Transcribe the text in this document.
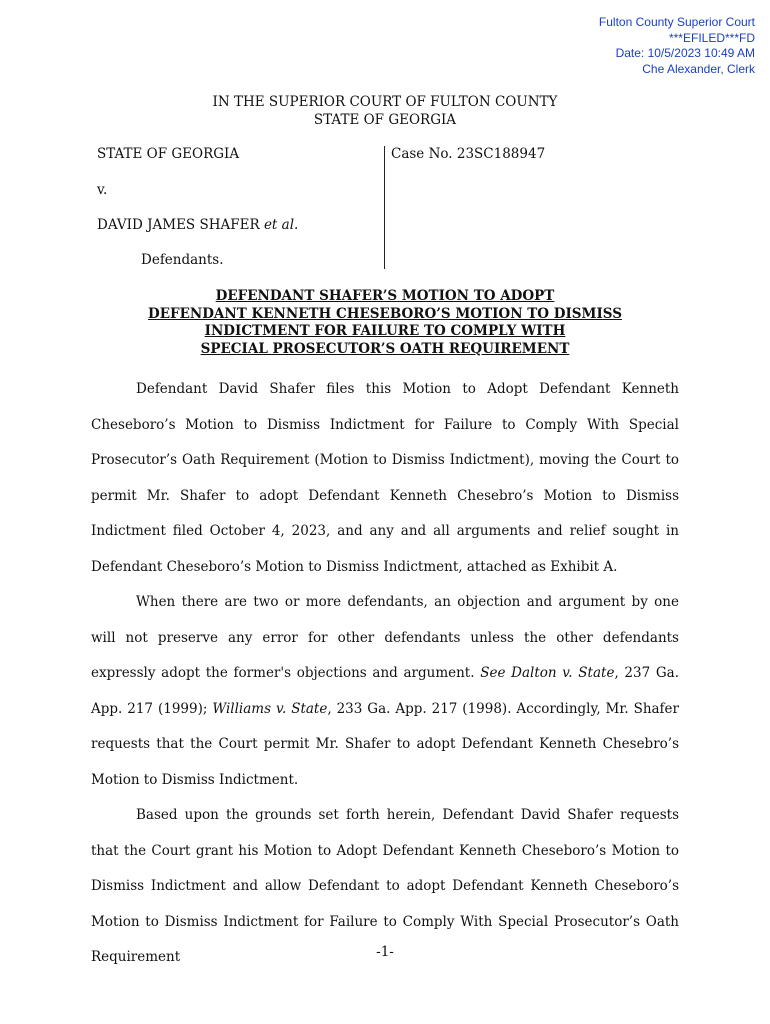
Fulton County Superior Court
***EFILED***FD
Date: 10/5/2023 10:49 AM
Che Alexander, Clerk
IN THE SUPERIOR COURT OF FULTON COUNTY
STATE OF GEORGIA
STATE OF GEORGIA
v.
DAVID JAMES SHAFER et al.
Defendants.
Case No. 23SC188947
DEFENDANT SHAFER’S MOTION TO ADOPT
DEFENDANT KENNETH CHESEBORO’S MOTION TO DISMISS
INDICTMENT FOR FAILURE TO COMPLY WITH
SPECIAL PROSECUTOR’S OATH REQUIREMENT

Defendant David Shafer files this Motion to Adopt Defendant Kenneth Cheseboro’s Motion to Dismiss Indictment for Failure to Comply With Special Prosecutor’s Oath Requirement (Motion to Dismiss Indictment), moving the Court to permit Mr. Shafer to adopt Defendant Kenneth Chesebro’s Motion to Dismiss Indictment filed October 4, 2023, and any and all arguments and relief sought in Defendant Cheseboro’s Motion to Dismiss Indictment, attached as Exhibit A.

When there are two or more defendants, an objection and argument by one will not preserve any error for other defendants unless the other defendants expressly adopt the former's objections and argument. See Dalton v. State, 237 Ga. App. 217 (1999); Williams v. State, 233 Ga. App. 217 (1998). Accordingly, Mr. Shafer requests that the Court permit Mr. Shafer to adopt Defendant Kenneth Chesebro’s Motion to Dismiss Indictment.

Based upon the grounds set forth herein, Defendant David Shafer requests that the Court grant his Motion to Adopt Defendant Kenneth Cheseboro’s Motion to Dismiss Indictment and allow Defendant to adopt Defendant Kenneth Cheseboro’s Motion to Dismiss Indictment for Failure to Comply With Special Prosecutor’s Oath Requirement	-1-
